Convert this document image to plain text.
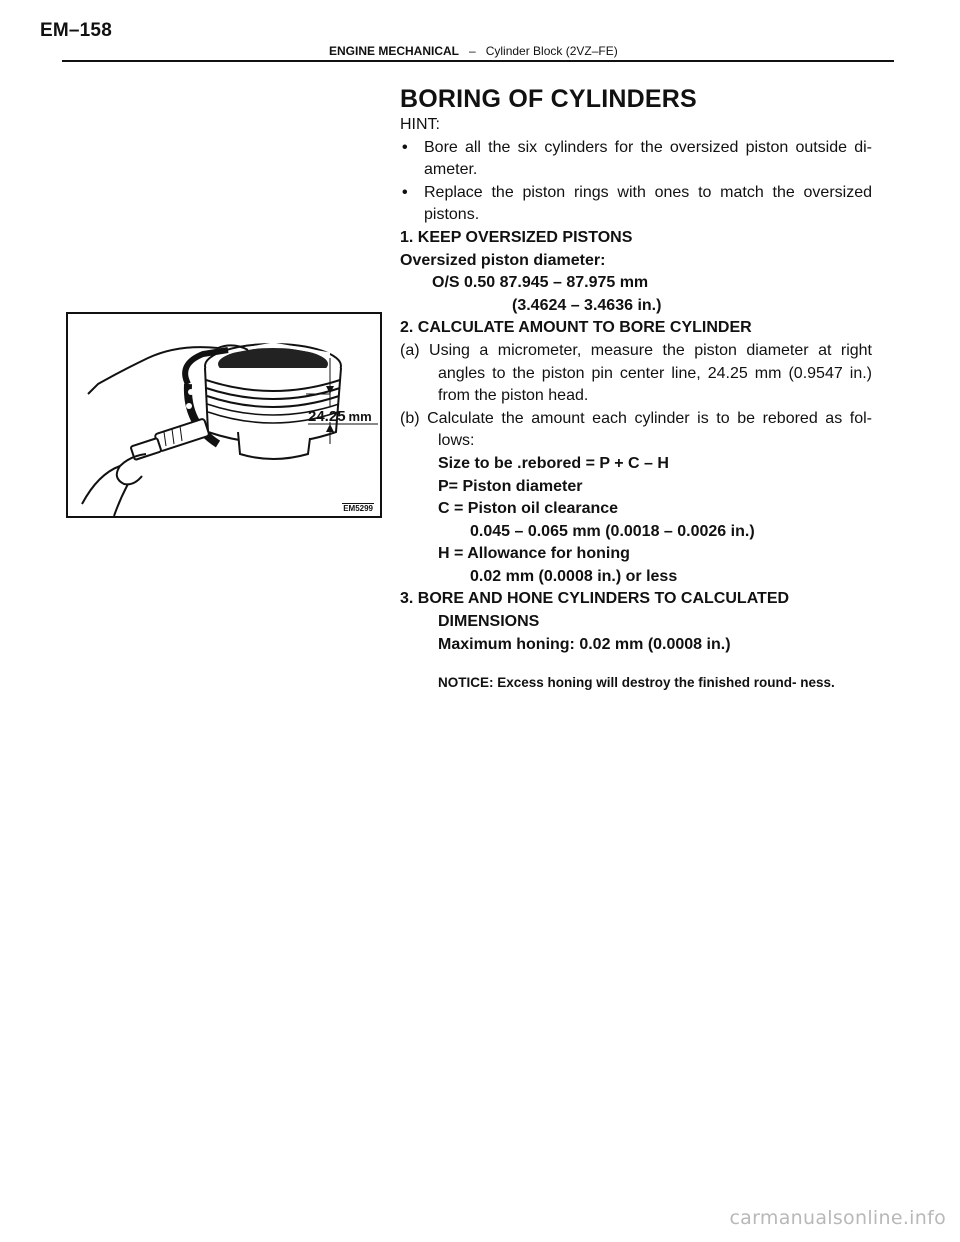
EM–158
ENGINE MECHANICAL – Cylinder Block (2VZ–FE)
24.25 mm
EM5299
BORING OF CYLINDERS

HINT:

•	Bore all the six cylinders for the oversized piston outside di- ameter.
•	Replace the piston rings with ones to match the oversized pistons.

1. KEEP OVERSIZED PISTONS

Oversized piston diameter:

O/S 0.50 87.945 – 87.975 mm

(3.4624 – 3.4636 in.)

2. CALCULATE AMOUNT TO BORE CYLINDER

(a) Using a micrometer, measure the piston diameter at right angles to the piston pin center line, 24.25 mm (0.9547 in.) from the piston head.

(b) Calculate the amount each cylinder is to be rebored as fol- lows:

Size to be .rebored = P + C – H

P= Piston diameter

C = Piston oil clearance

0.045 – 0.065 mm (0.0018 – 0.0026 in.)

H = Allowance for honing

0.02 mm (0.0008 in.) or less

3. BORE AND HONE CYLINDERS TO CALCULATED

DIMENSIONS

Maximum honing: 0.02 mm (0.0008 in.)

NOTICE: Excess honing will destroy the finished round- ness.

carmanualsonline.info
